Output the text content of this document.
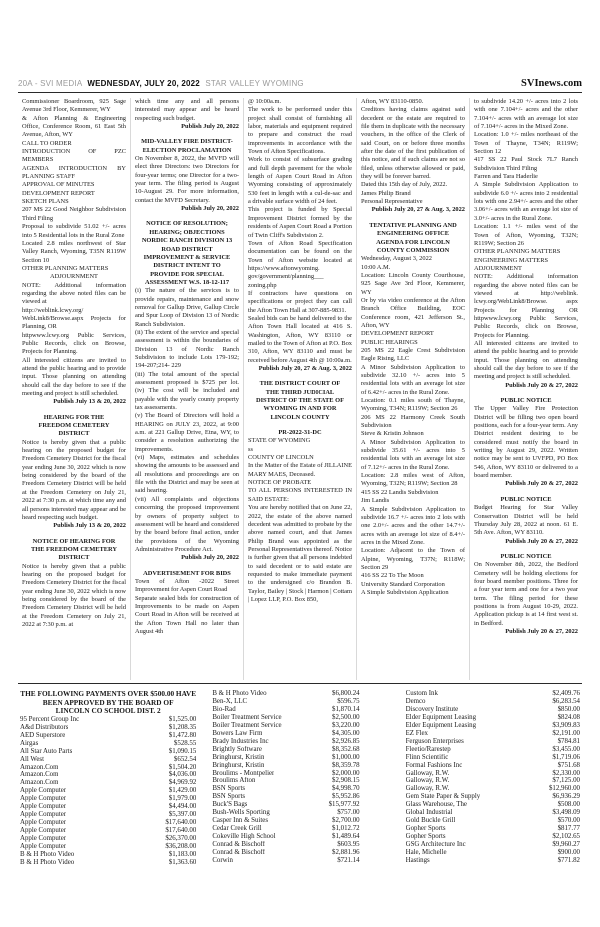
20A - SVI MEDIA WEDNESDAY, JULY 20, 2022 STAR VALLEY WYOMING	SVInews.com
Commissioner Boardroom, 925 Sage Avenue 3rd Floor, Kemmerer, WY
& Afton Planning & Engineering Office, Conference Room, 61 East 5th Avenue, Afton, WY
CALL TO ORDER
INTRODUCTION OF PZC MEMBERS
AGENDA INTRODUCTION BY PLANNING STAFF
APPROVAL OF MINUTES
DEVELOPMENT REPORT
SKETCH PLANS
207 MS 22 Good Neighbor Subdivision Third Filing
Proposal to subdivide 51.02 +/- acres into 5 Residential lots in the Rural Zone
Located 2.8 miles northwest of Star Valley Ranch, Wyoming, T35N R119W Section 10
OTHER PLANNING MATTERS
ADJOURNMENT
NOTE: Additional information regarding the above noted files can be viewed at
http://weblink.lcwy.org/ WebLink8/Browse.aspx Projects for Planning, OR
httpwww.lcwy.org Public Services, Public Records, click on Browse, Projects for Planning.
All interested citizens are invited to attend the public hearing and to provide input. Those planning on attending should call the day before to see if the meeting and project is still scheduled.
Publish July 13 & 20, 2022
HEARING FOR THE FREEDOM CEMETERY DISTRICT
Notice is hereby given that a public hearing on the proposed budget for Freedom Cemetery District for the fiscal year ending June 30, 2022 which is now being considered by the board of the Freedom Cemetery District will be held at the Freedom Cemetery on July 21, 2022 at 7:30 p.m. at which time any and all persons interested may appear and be heard respecting such budget.
Publish July 13 & 20, 2022
NOTICE OF HEARING FOR THE FREEDOM CEMETERY DISTRICT
Notice is hereby given that a public hearing on the proposed budget for Freedom Cemetery District for the fiscal year ending June 30, 2022 which is now being considered by the board of the Freedom Cemetery District will be held at the Freedom Cemetery on July 21, 2022 at 7:30 p.m. at
which time any and all persons interested may appear and be heard respecting such budget.
Publish July 20, 2022
MID-VALLEY FIRE DISTRICT- ELECTION PROCLAMATION
On November 8, 2022, the MVFD will elect three Directors: two Directors for four-year terms; one Director for a two-year term. The filing period is August 10-August 29. For more information, contact the MVFD Secretary.
Publish July 20, 2022
NOTICE OF RESOLUTION; HEARING; OBJECTIONS NORDIC RANCH DIVISION 13 ROAD DISTRICT IMPROVEMENT & SERVICE DISTRICT INTENT TO PROVIDE FOR SPECIAL ASSESSMENT W.S. 18-12-117
(i) The nature of the services is to provide repairs, maintenance and snow removal for Gallup Drive, Gallup Circle and Spur Loop of Division 13 of Nordic Ranch Subdivision.
(ii) The extent of the service and special assessment is within the boundaries of Division 13 of Nordic Ranch Subdivision to include Lots 179-192; 194-207;214- 229
(iii) The total amount of the special assessment proposed is $725 per lot. (iv) The cost will be included and payable with the yearly county property tax assessments.
(v) The Board of Directors will hold a HEARING on JULY 23, 2022, at 9:00 a.m. at 221 Gallup Drive, Etna, WY, to consider a resolution authorizing the improvements.
(vi) Maps, estimates and schedules showing the amounts to be assessed and all resolutions and proceedings are on file with the District and may be seen at said hearing.
(vii) All complaints and objections concerning the proposed improvement by owners of property subject to assessment will be heard and considered by the board before final action, under the provisions of the Wyoming Administrative Procedure Act.
Publish July 20, 2022
ADVERTISEMENT FOR BIDS
Town of Afton -2022 Street Improvement for Aspen Court Road
Separate sealed bids for construction of Improvements to be made on Aspen Court Road in Afton will be received at the Afton Town Hall no later than August 4th
@ 10:00a.m.
The work to be performed under this project shall consist of furnishing all labor, materials and equipment required to prepare and construct the road improvements in accordance with the Town of Afton Specifications.
Work to consist of subsurface grading and full depth pavement for the whole length of Aspen Court Road in Afton Wyoming consisting of approximately 530 feet in length with a cul-de-sac and a drivable surface width of 24 feet.
This project is funded by Special Improvement District formed by the residents of Aspen Court Road a Portion of Twin Cliff's Subdivision 2.
Town of Afton Road Specification documentation can be found on the Town of Afton website located at https://www.aftonwyoming. gov/government/planning___ zoning.php
If contractors have questions on specifications or project they can call the Afton Town Hall at 307-885-9831.
Sealed bids can be hand delivered to the Afton Town Hall located at 416 S. Washington, Afton, WY 83110 or mailed to the Town of Afton at P.O. Box 310, Afton, WY 83110 and must be received before August 4th @ 10:00a.m.
Publish July 20, 27 & Aug. 3, 2022
THE DISTRICT COURT OF THE THIRD JUDICIAL DISTRICT OF THE STATE OF WYOMING IN AND FOR LINCOLN COUNTY
PR-2022-31-DC
STATE OF WYOMING
ss
COUNTY OF LINCOLN
In the Matter of the Estate of JILLAINE MARY MAES, Deceased.
NOTICE OF PROBATE
TO ALL PERSONS INTERESTED IN SAID ESTATE:
You are hereby notified that on June 22, 2022, the estate of the above named decedent was admitted to probate by the above named court, and that James Philip Brand was appointed as the Personal Representatives thereof. Notice is further given that all persons indebted to said decedent or to said estate are requested to make immediate payment to the undersigned c/o Brandon B. Taylor, Bailey | Stock | Harmon | Cottam | Lopez LLP, P.O. Box 850,
Afton, WY 83110-0850.
Creditors having claims against said decedent or the estate are required to file them in duplicate with the necessary vouchers, in the office of the Clerk of said Court, on or before three months after the date of the first publication of this notice, and if such claims are not so filed, unless otherwise allowed or paid, they will be forever barred.
Dated this 15th day of July, 2022.
James Philip Brand
Personal Representative
Publish July 20, 27 & Aug. 3, 2022
TENTATIVE PLANNING AND ENGINEERING OFFICE AGENDA FOR LINCOLN COUNTY COMMISSION
Wednesday, August 3, 2022
10:00 A.M.
Location: Lincoln County Courthouse, 925 Sage Ave 3rd Floor, Kemmerer, WY
Or by via video conference at the Afton Branch Office Building, EOC Conference room, 421 Jefferson St., Afton, WY
DEVELOPMENT REPORT
PUBLIC HEARINGS
205 MS 22 Eagle Crest Subdivision Eagle Rising, LLC
A Minor Subdivision Application to subdivide 32.10 +/- acres into 5 residential lots with an average lot size of 6.42+/- acres in the Rural Zone.
Location: 0.1 miles south of Thayne, Wyoming, T34N; R119W; Section 26
206 MS 22 Harmony Creek South Subdivision
Steve & Kristin Johnson
A Minor Subdivision Application to subdivide 35.61 +/- acres into 5 residential lots with an average lot size of 7.12+/- acres in the Rural Zone.
Location: 2.8 miles west of Afton, Wyoming, T32N; R119W; Section 28
415 SS 22 Landis Subdivision
Jim Landis
A Simple Subdivision Application to subdivide 16.7 +/- acres into 2 lots with one 2.0+/- acres and the other 14.7+/- acres with an average lot size of 8.4+/- acres in the Mixed Zone.
Location: Adjacent to the Town of Alpine, Wyoming, T37N; R118W; Section 29
416 SS 22 To The Moon
University Standard Corporation
A Simple Subdivision Application
to subdivide 14.20 +/- acres into 2 lots with one 7.104+/- acres and the other 7.104+/- acres with an average lot size of 7.104+/- acres in the Mixed Zone.
Location: 1.0 +/- miles northeast of the Town of Thayne, T34N; R119W; Section 12
417 SS 22 Paul Stock 7L7 Ranch Subdivision Third Filing
Farren and Tara Haderlie
A Simple Subdivision Application to subdivide 6.0 +/- acres into 2 residential lots with one 2.94+/- acres and the other 3.06+/- acres with an average lot size of 3.0+/- acres in the Rural Zone.
Location: 1.1 +/- miles west of the Town of Afton, Wyoming, T32N; R119W; Section 26
OTHER PLANNING MATTERS
ENGINEERING MATTERS
ADJOURNMENT
NOTE: Additional information regarding the above noted files can be viewed at http://weblink. lcwy.org/WebLink8/Browse. aspx Projects for Planning OR httpwww.lcwy.org Public Services, Public Records, click on Browse, Projects for Planning.
All interested citizens are invited to attend the public hearing and to provide input. Those planning on attending should call the day before to see if the meeting and project is still scheduled.
Publish July 20 & 27, 2022
PUBLIC NOTICE
The Upper Valley Fire Protection District will be filling two open board positions, each for a four-year term. Any District resident desiring to be considered must notify the board in writing by August 29, 2022. Written notice may be sent to UVFPD, PO Box 546, Afton, WY 83110 or delivered to a board member.
Publish July 20 & 27, 2022
PUBLIC NOTICE
Budget Hearing for Star Valley Conservation District will be held Thursday July 28, 2022 at noon. 61 E. 5th Ave. Afton, WY 83110.
Publish July 20 & 27, 2022
PUBLIC NOTICE
On November 8th, 2022, the Bedford Cemetery will be holding elections for four board member positions. Three for a four year term and one for a two year term. The filing period for these positions is from August 10-29, 2022. Application pickup is at 14 first west st. in Bedford.
Publish July 20 & 27, 2022
THE FOLLOWING PAYMENTS OVER $500.00 HAVE
BEEN APPROVED BY THE BOARD OF
LINCOLN CO SCHOOL DIST. 2
95 Percent Group Inc	$1,525.00
A&d Distributors	$1,208.35
AED Superstore	$1,472.80
Airgas	$528.55
All Star Auto Parts	$1,090.15
All West	$652.54
Amazon.Com	$1,504.20
Amazon.Com	$4,036.00
Amazon.Com	$4,969.92
Apple Computer	$1,429.00
Apple Computer	$1,979.00
Apple Computer	$4,494.00
Apple Computer	$5,397.00
Apple Computer	$17,640.00
Apple Computer	$17,640.00
Apple Computer	$26,370.00
Apple Computer	$36,208.00
B & H Photo Video	$1,183.00
B & H Photo Video	$1,363.60
B & H Photo Video	$6,800.24
Ben-X, LLC	$596.75
Bio-Rad	$1,870.14
Boiler Treatment Service	$2,500.00
Boiler Treatment Service	$3,220.00
Bowers Law Firm	$4,305.00
Brady Industries Inc	$2,926.85
Brightly Software	$8,352.68
Bringhurst, Kristin	$1,000.00
Bringhurst, Kristin	$8,359.78
Broulims - Montpelier	$2,000.00
Broulims Afton	$2,908.15
BSN Sports	$4,998.70
BSN Sports	$5,952.86
Buck'S Bags	$15,977.92
Bush-Wells Sporting	$757.00
Casper Inn & Suites	$2,700.00
Cedar Creek Grill	$1,012.72
Cokeville High School	$1,489.64
Conrad & Bischoff	$603.95
Conrad & Bischoff	$2,881.96
Corwin	$721.14
Custom Ink	$2,409.76
Demco	$6,283.54
Discovery Institute	$850.00
Elder Equipment Leasing	$824.08
Elder Equipment Leasing	$3,909.83
EZ Flex	$2,191.00
Ferguson Enterprises	$784.81
Fleetio/Rarestep	$3,455.00
Flinn Scientific	$1,719.06
Formal Fashions Inc	$751.68
Galloway, R.W.	$2,330.00
Galloway, R.W.	$7,125.00
Galloway, R.W.	$12,960.00
Gem State Paper & Supply	$6,936.29
Glass Warehouse, The	$508.00
Global Industrial	$3,498.09
Gold Buckle Grill	$570.00
Gopher Sports	$817.77
Gopher Sports	$2,102.65
GSG Architecture Inc	$9,960.27
Hale, Michelle	$900.00
Hastings	$771.82
